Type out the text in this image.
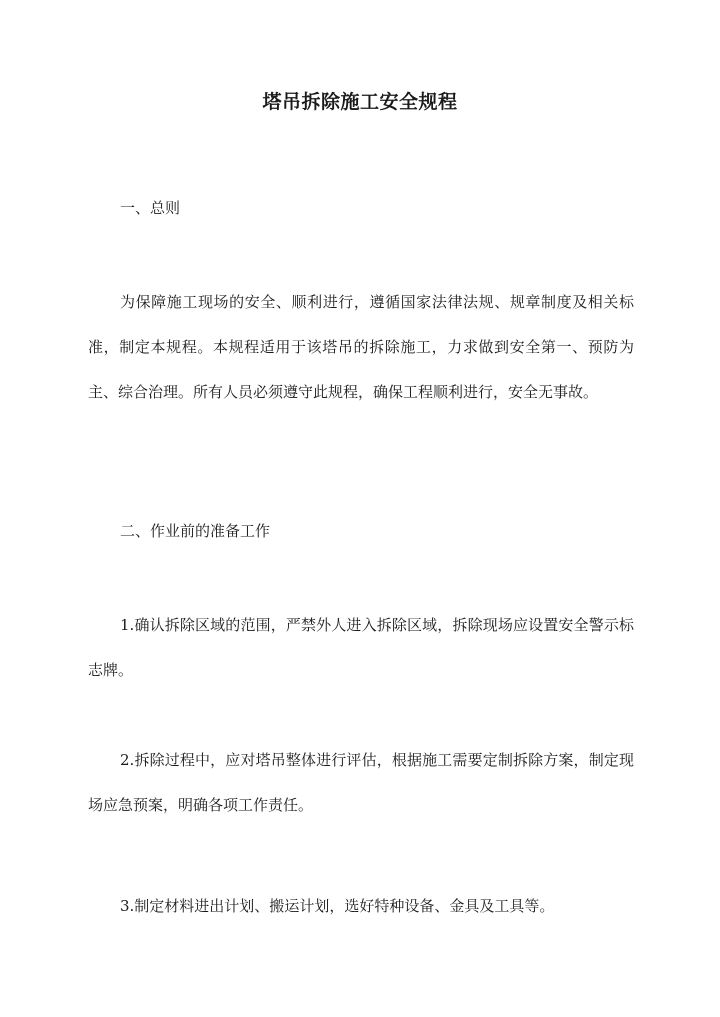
塔吊拆除施工安全规程

一、总则

为保障施工现场的安全、顺利进行，遵循国家法律法规、规章制度及相关标准，制定本规程。本规程适用于该塔吊的拆除施工，力求做到安全第一、预防为主、综合治理。所有人员必须遵守此规程，确保工程顺利进行，安全无事故。

二、作业前的准备工作

1.确认拆除区域的范围，严禁外人进入拆除区域，拆除现场应设置安全警示标志牌。

2.拆除过程中，应对塔吊整体进行评估，根据施工需要定制拆除方案，制定现场应急预案，明确各项工作责任。

3.制定材料进出计划、搬运计划，选好特种设备、金具及工具等。
